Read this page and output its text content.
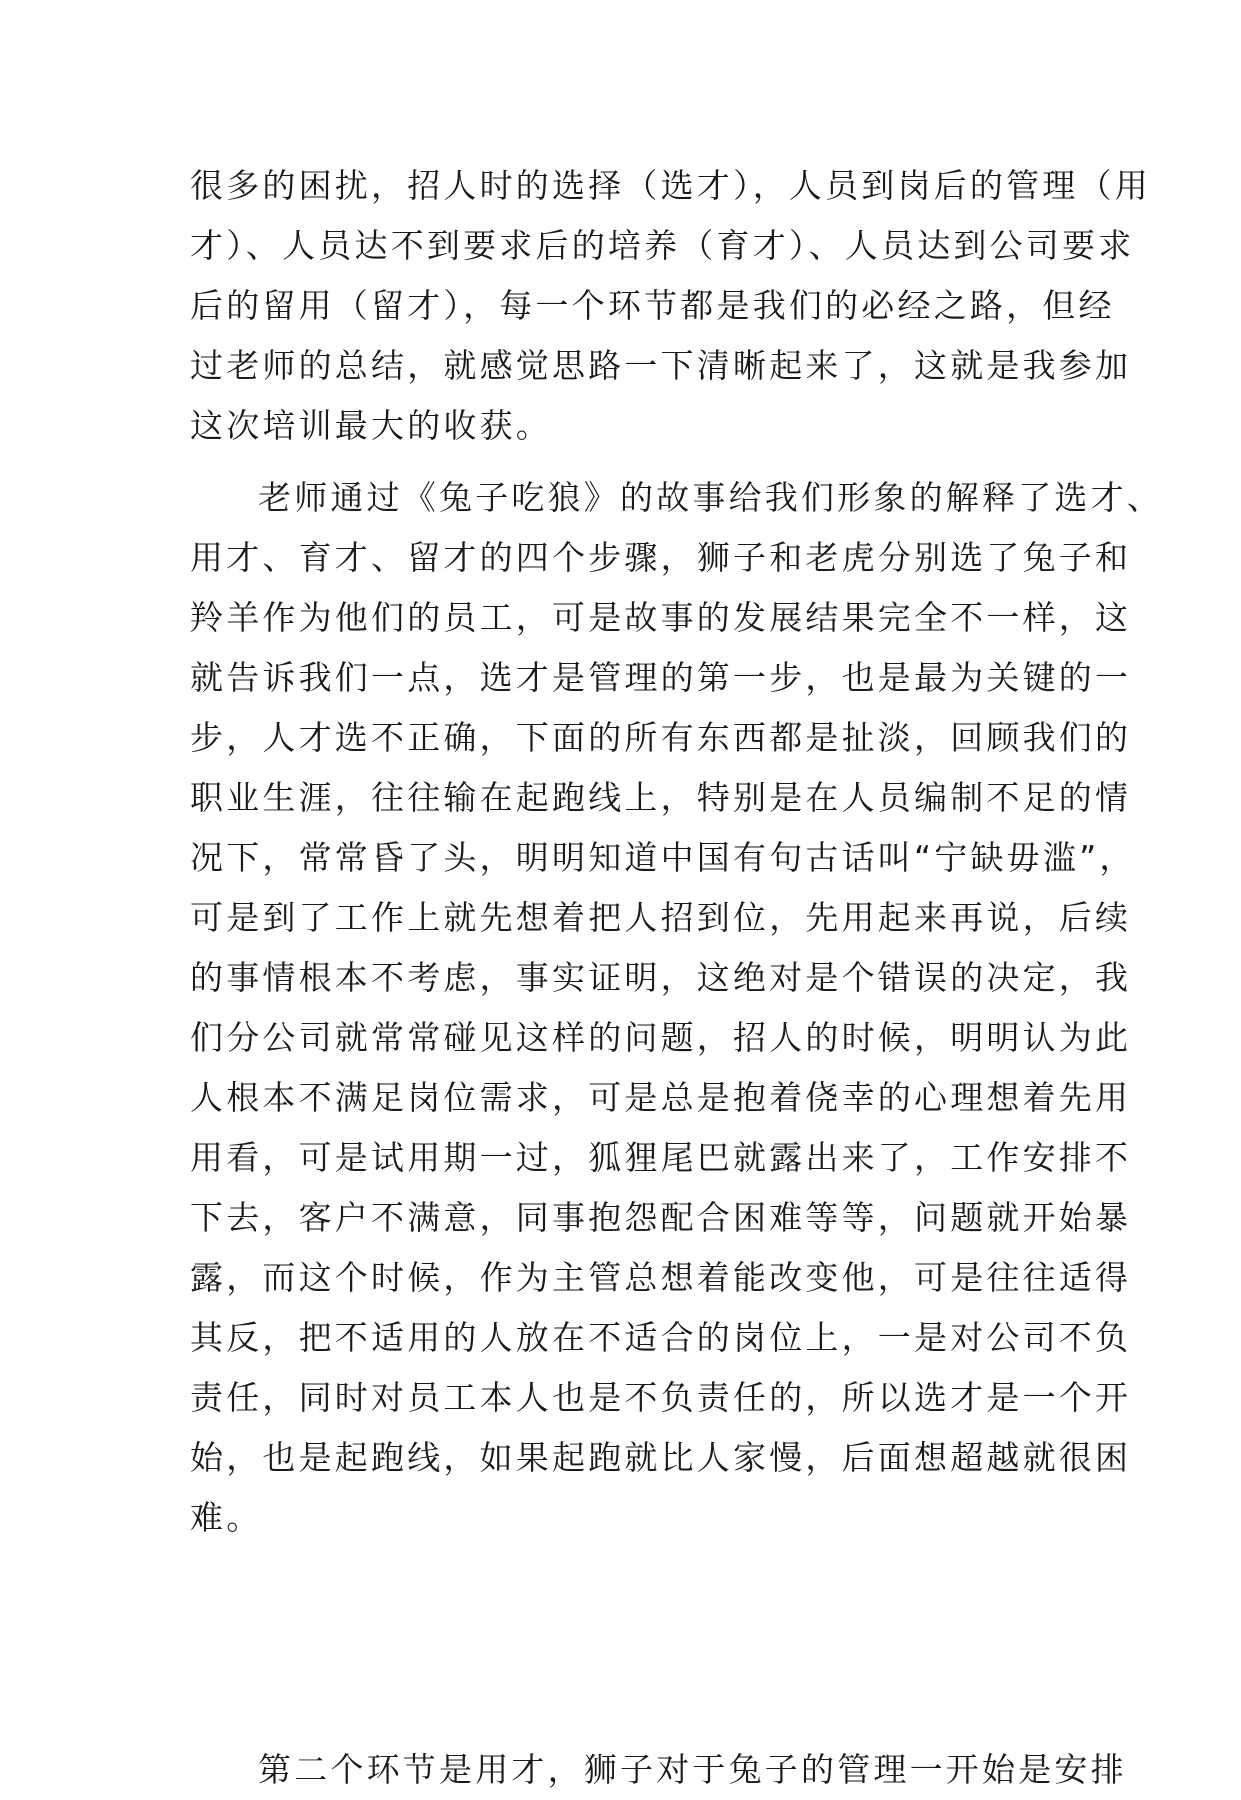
很多的困扰，招人时的选择（选才），人员到岗后的管理（用
才）、人员达不到要求后的培养（育才）、人员达到公司要求
后的留用（留才），每一个环节都是我们的必经之路，但经
过老师的总结，就感觉思路一下清晰起来了，这就是我参加
这次培训最大的收获。
老师通过《兔子吃狼》的故事给我们形象的解释了选才、
用才、育才、留才的四个步骤，狮子和老虎分别选了兔子和
羚羊作为他们的员工，可是故事的发展结果完全不一样，这
就告诉我们一点，选才是管理的第一步，也是最为关键的一
步，人才选不正确，下面的所有东西都是扯淡，回顾我们的
职业生涯，往往输在起跑线上，特别是在人员编制不足的情
况下，常常昏了头，明明知道中国有句古话叫“宁缺毋滥”，
可是到了工作上就先想着把人招到位，先用起来再说，后续
的事情根本不考虑，事实证明，这绝对是个错误的决定，我
们分公司就常常碰见这样的问题，招人的时候，明明认为此
人根本不满足岗位需求，可是总是抱着侥幸的心理想着先用
用看，可是试用期一过，狐狸尾巴就露出来了，工作安排不
下去，客户不满意，同事抱怨配合困难等等，问题就开始暴
露，而这个时候，作为主管总想着能改变他，可是往往适得
其反，把不适用的人放在不适合的岗位上，一是对公司不负
责任，同时对员工本人也是不负责任的，所以选才是一个开
始，也是起跑线，如果起跑就比人家慢，后面想超越就很困
难。
第二个环节是用才，狮子对于兔子的管理一开始是安排
